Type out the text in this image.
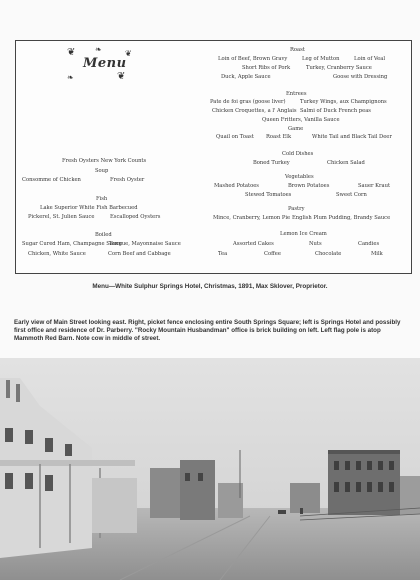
❦ ❧	❦
Menu
❧	❦
Fresh Oysters New York Counts
Soup
Consomme of Chicken	Fresh Oyster
Fish
Lake Superior White Fish Barbecued
Pickerel, St. Julien Sauce	Escalloped Oysters
Boiled
Sugar Cured Ham, Champagne Sauce
Tongue, Mayonnaise Sauce
Chicken, White Sauce	Corn Beef and Cabbage
Roast
Loin of Beef, Brown Gravy	Leg of Mutton	Loin of Veal
Short Ribs of Pork	Turkey, Cranberry Sauce
Duck, Apple Sauce	Goose with Dressing
Entrees
Pate de foi gras (goose liver)	Turkey Wings, aux Champignons
Chicken Croquettes, a l' Anglais Salmi of Duck French peas
Queen Fritters, Vanilla Sauce
Game
Quail on Toast Roast Elk	White Tail and Black Tail Deer
Cold Dishes
Boned Turkey	Chicken Salad
Vegetables
Mashed Potatoes	Brown Potatoes	Sauer Kraut
Stewed Tomatoes	Sweet Corn
Pastry
Mince, Cranberry, Lemon Pie English Plum Pudding, Brandy Sauce
Lemon Ice Cream
Assorted Cakes	Nuts	Candies
Tea	Coffee	Chocolate	Milk
Menu—White Sulphur Springs Hotel, Christmas, 1891, Max Sklover, Proprietor.
Early view of Main Street looking east. Right, picket fence enclosing entire South Springs Square; left is Springs Hotel and possibly first office and residence of Dr. Parberry. "Rocky Mountain Husbandman" office is brick building on left. Left flag pole is atop Mammoth Red Barn. Note cow in middle of street.
